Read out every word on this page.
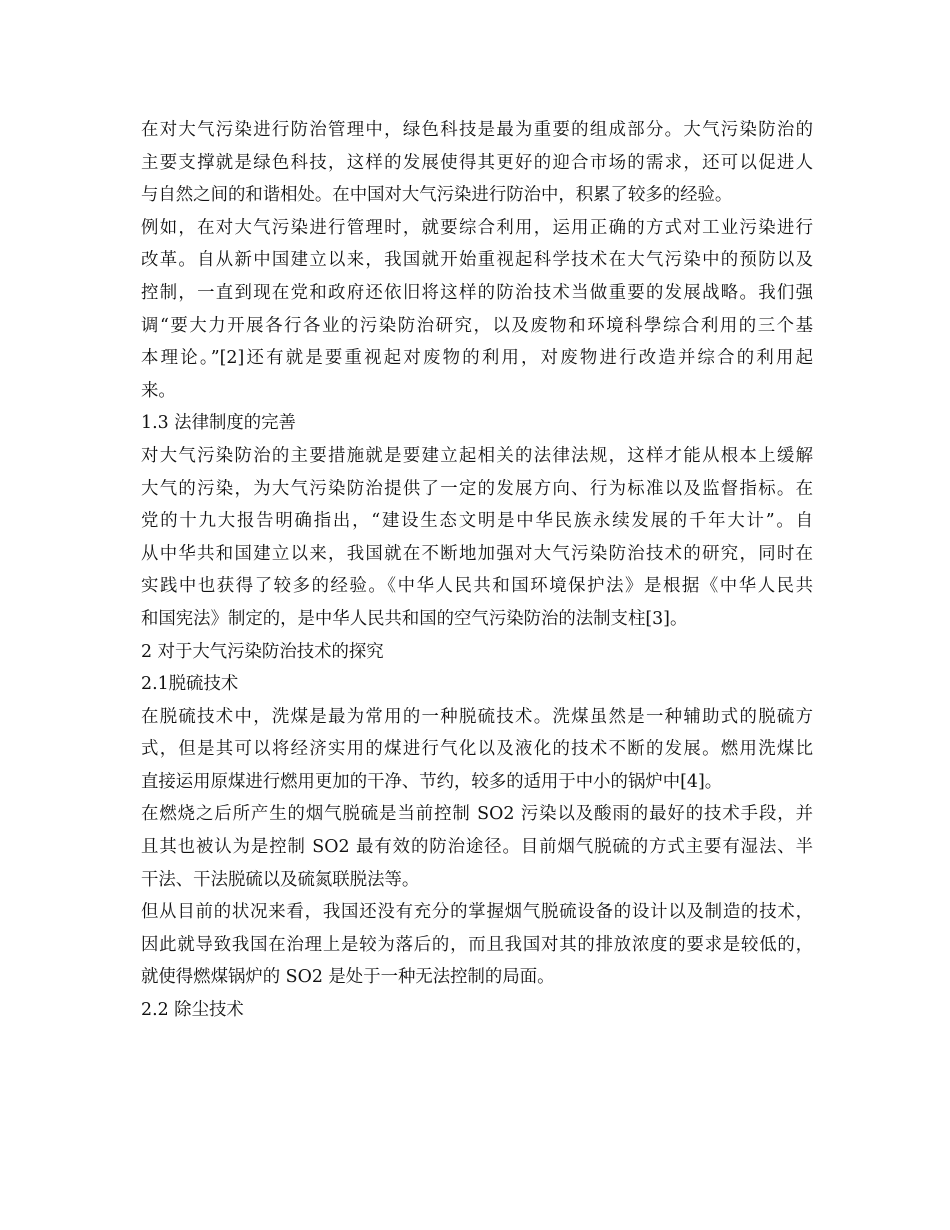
在对大气污染进行防治管理中，绿色科技是最为重要的组成部分。大气污染防治的
主要支撑就是绿色科技，这样的发展使得其更好的迎合市场的需求，还可以促进人
与自然之间的和谐相处。在中国对大气污染进行防治中，积累了较多的经验。
例如，在对大气污染进行管理时，就要综合利用，运用正确的方式对工业污染进行
改革。自从新中国建立以来，我国就开始重视起科学技术在大气污染中的预防以及
控制，一直到现在党和政府还依旧将这样的防治技术当做重要的发展战略。我们强
调“要大力开展各行各业的污染防治研究，以及废物和环境科學综合利用的三个基
本理论。”[2]还有就是要重视起对废物的利用，对废物进行改造并综合的利用起
来。
1.3 法律制度的完善
对大气污染防治的主要措施就是要建立起相关的法律法规，这样才能从根本上缓解
大气的污染，为大气污染防治提供了一定的发展方向、行为标准以及监督指标。在
党的十九大报告明确指出，“建设生态文明是中华民族永续发展的千年大计”。自
从中华共和国建立以来，我国就在不断地加强对大气污染防治技术的研究，同时在
实践中也获得了较多的经验。《中华人民共和国环境保护法》是根据《中华人民共
和国宪法》制定的，是中华人民共和国的空气污染防治的法制支柱[3]。
2 对于大气污染防治技术的探究
2.1脱硫技术
在脱硫技术中，洗煤是最为常用的一种脱硫技术。洗煤虽然是一种辅助式的脱硫方
式，但是其可以将经济实用的煤进行气化以及液化的技术不断的发展。燃用洗煤比
直接运用原煤进行燃用更加的干净、节约，较多的适用于中小的锅炉中[4]。
在燃烧之后所产生的烟气脱硫是当前控制 SO2 污染以及酸雨的最好的技术手段，并
且其也被认为是控制 SO2 最有效的防治途径。目前烟气脱硫的方式主要有湿法、半
干法、干法脱硫以及硫氮联脱法等。
但从目前的状况来看，我国还没有充分的掌握烟气脱硫设备的设计以及制造的技术，
因此就导致我国在治理上是较为落后的，而且我国对其的排放浓度的要求是较低的，
就使得燃煤锅炉的 SO2 是处于一种无法控制的局面。
2.2 除尘技术
